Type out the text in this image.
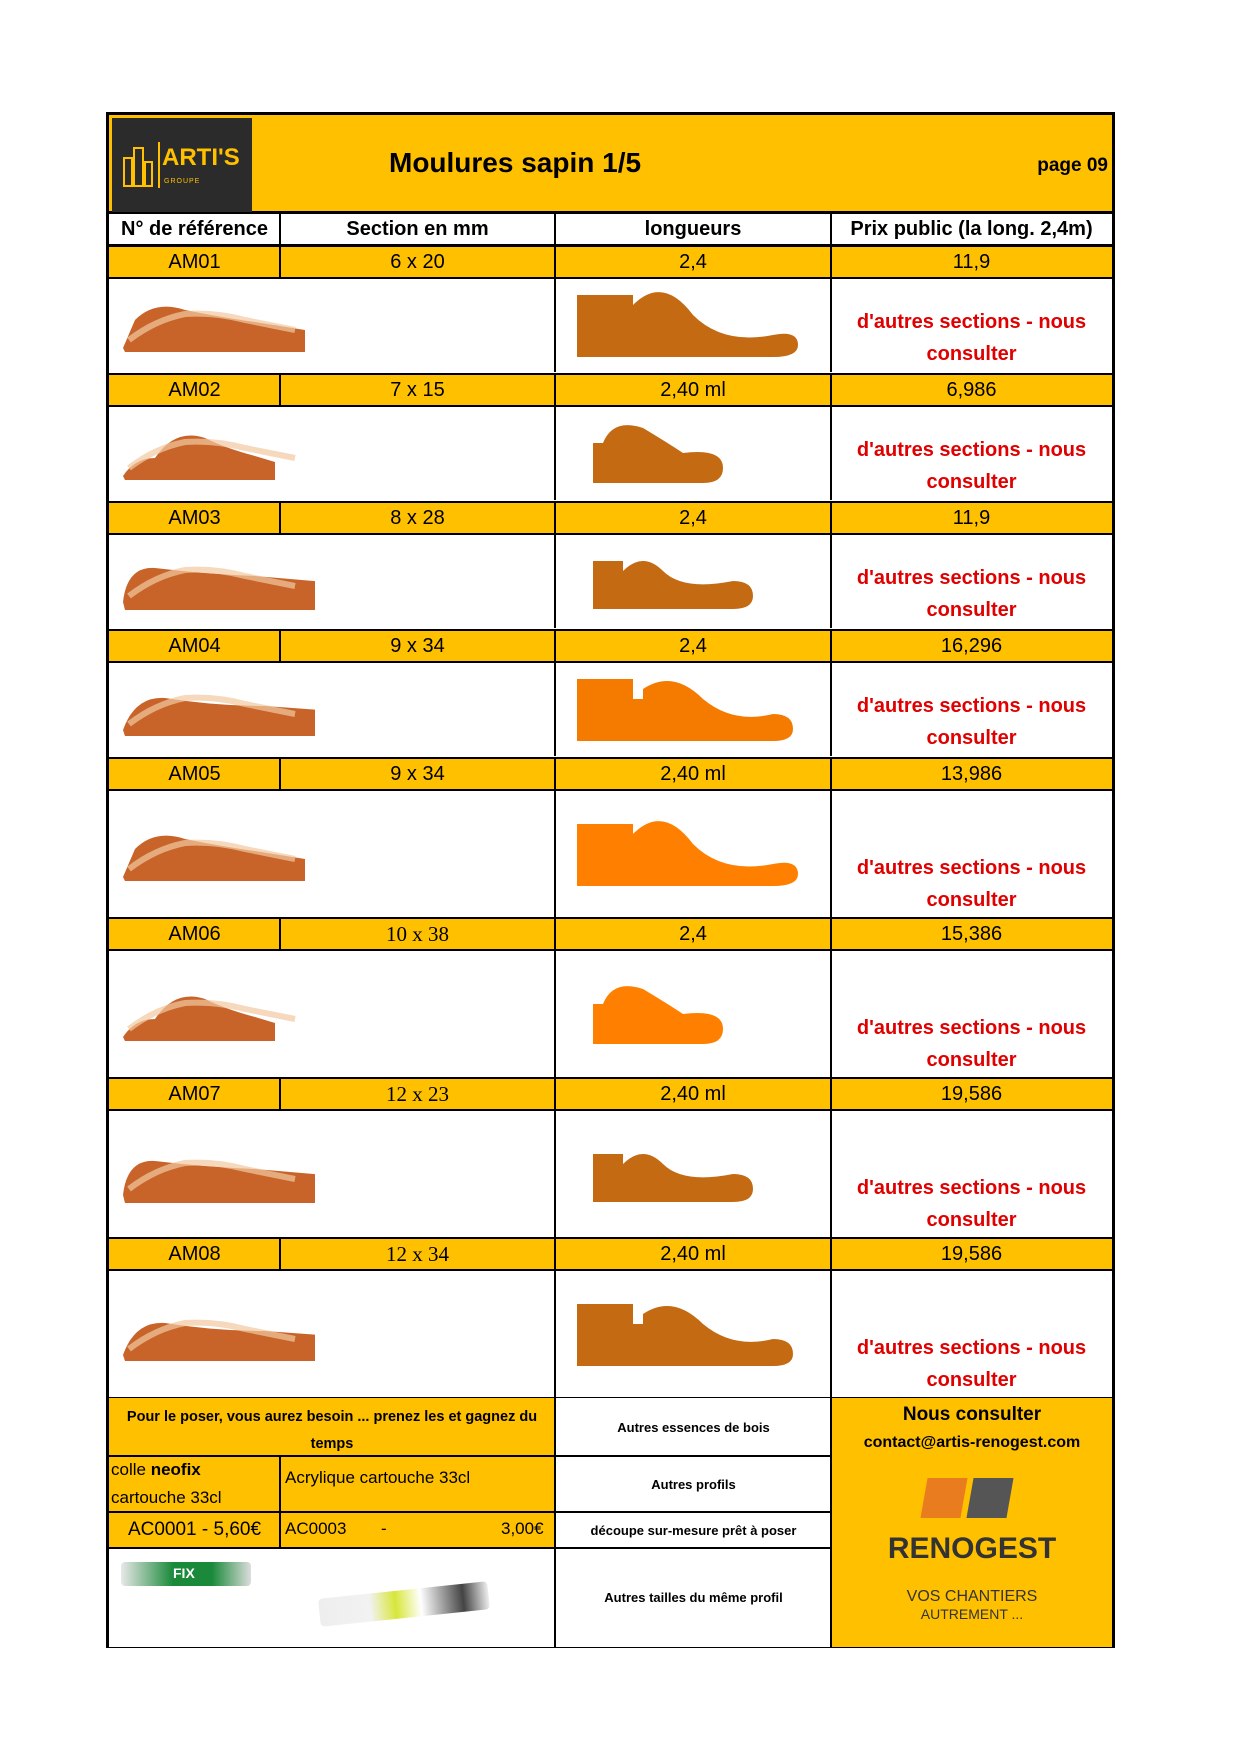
ARTI'S
GROUPE
Moulures sapin 1/5	page 09
N° de référence	Section en mm	longueurs	Prix public (la long. 2,4m)
AM01	6 x 20	2,4	11,9
d'autres sections - nous
consulter
AM02	7 x 15	2,40 ml	6,986
d'autres sections - nous
consulter
AM03	8 x 28	2,4	11,9
d'autres sections - nous
consulter
AM04	9 x 34	2,4	16,296
d'autres sections - nous
consulter
AM05	9 x 34	2,40 ml	13,986
d'autres sections - nous
consulter
AM06	10 x 38	2,4	15,386
d'autres sections - nous
consulter
AM07	12 x 23	2,40 ml	19,586
d'autres sections - nous
consulter
AM08	12 x 34	2,40 ml	19,586
d'autres sections - nous
consulter
Pour le poser, vous aurez besoin ... prenez les et gagnez du temps
colle neofix
cartouche 33cl
Acrylique cartouche 33cl
AC0001 - 5,60€	AC0003 -	3,00€
FIX
Autres essences de bois
Autres profils
découpe sur-mesure prêt à poser
Autres tailles du même profil
Nous consulter
contact@artis-renogest.com
RENOGEST
VOS CHANTIERS
AUTREMENT ...
